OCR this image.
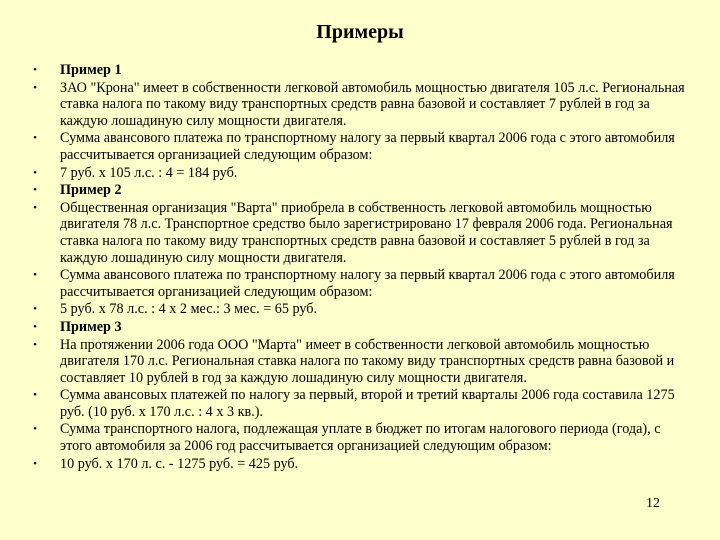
Примеры
• Пример 1
• ЗАО "Крона" имеет в собственности легковой автомобиль мощностью двигателя 105 л.с. Региональная ставка налога по такому виду транспортных средств равна базовой и составляет 7 рублей в год за каждую лошадиную силу мощности двигателя.
• Сумма авансового платежа по транспортному налогу за первый квартал 2006 года с этого автомобиля рассчитывается организацией следующим образом:
• 7 руб. x 105 л.с. : 4 = 184 руб.
• Пример 2
• Общественная организация "Варта" приобрела в собственность легковой автомобиль мощностью двигателя 78 л.с. Транспортное средство было зарегистрировано 17 февраля 2006 года. Региональная ставка налога по такому виду транспортных средств равна базовой и составляет 5 рублей в год за каждую лошадиную силу мощности двигателя.
• Сумма авансового платежа по транспортному налогу за первый квартал 2006 года с этого автомобиля рассчитывается организацией следующим образом:
• 5 руб. x 78 л.с. : 4 x 2 мес.: 3 мес. = 65 руб.
• Пример 3
• На протяжении 2006 года ООО "Марта" имеет в собственности легковой автомобиль мощностью двигателя 170 л.с. Региональная ставка налога по такому виду транспортных средств равна базовой и составляет 10 рублей в год за каждую лошадиную силу мощности двигателя.
• Сумма авансовых платежей по налогу за первый, второй и третий кварталы 2006 года составила 1275 руб. (10 руб. x 170 л.с. : 4 x 3 кв.).
• Сумма транспортного налога, подлежащая уплате в бюджет по итогам налогового периода (года), с этого автомобиля за 2006 год рассчитывается организацией следующим образом:
• 10 руб. x 170 л. с. - 1275 руб. = 425 руб.
12
